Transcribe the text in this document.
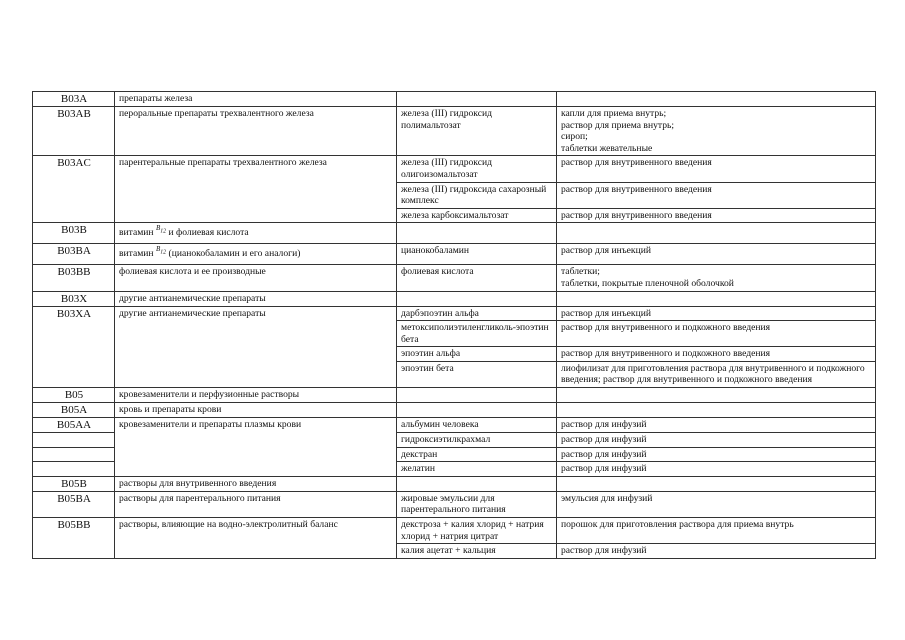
B03A	препараты железа		
B03AB	пероральные препараты трехвалентного железа	железа (III) гидроксид полимальтозат	капли для приема внутрь;
раствор для приема внутрь;
сироп;
таблетки жевательные

B03AC	парентеральные препараты трехвалентного железа	железа (III) гидроксид олигоизомальтозат	раствор для внутривенного введения
		железа (III) гидроксида сахарозный комплекс	раствор для внутривенного введения
		железа карбоксимальтозат	раствор для внутривенного введения
B03B	витамин $^{B_{12}}$ и фолиевая кислота		
B03BA	витамин $^{B_{12}}$ (цианокобаламин и его аналоги)	цианокобаламин	раствор для инъекций
B03BB	фолиевая кислота и ее производные	фолиевая кислота	таблетки;
таблетки, покрытые пленочной оболочкой

B03X	другие антианемические препараты		
B03XA	другие антианемические препараты	дарбэпоэтин альфа	раствор для инъекций
		метоксиполиэтиленгликоль-эпоэтин бета	раствор для внутривенного и подкожного введения
		эпоэтин альфа	раствор для внутривенного и подкожного введения
		эпоэтин бета	лиофилизат для приготовления раствора для внутривенного и подкожного введения; раствор для внутривенного и подкожного введения
B05	кровезаменители и перфузионные растворы		
B05A	кровь и препараты крови		
B05AA	кровезаменители и препараты плазмы крови	альбумин человека	раствор для инфузий
		гидроксиэтилкрахмал	раствор для инфузий
		декстран	раствор для инфузий
		желатин	раствор для инфузий
B05B	растворы для внутривенного введения		
B05BA	растворы для парентерального питания	жировые эмульсии для парентерального питания	эмульсия для инфузий
B05BB	растворы, влияющие на водно-электролитный баланс	декстроза + калия хлорид + натрия хлорид + натрия цитрат	порошок для приготовления раствора для приема внутрь
		калия ацетат + кальция	раствор для инфузий
